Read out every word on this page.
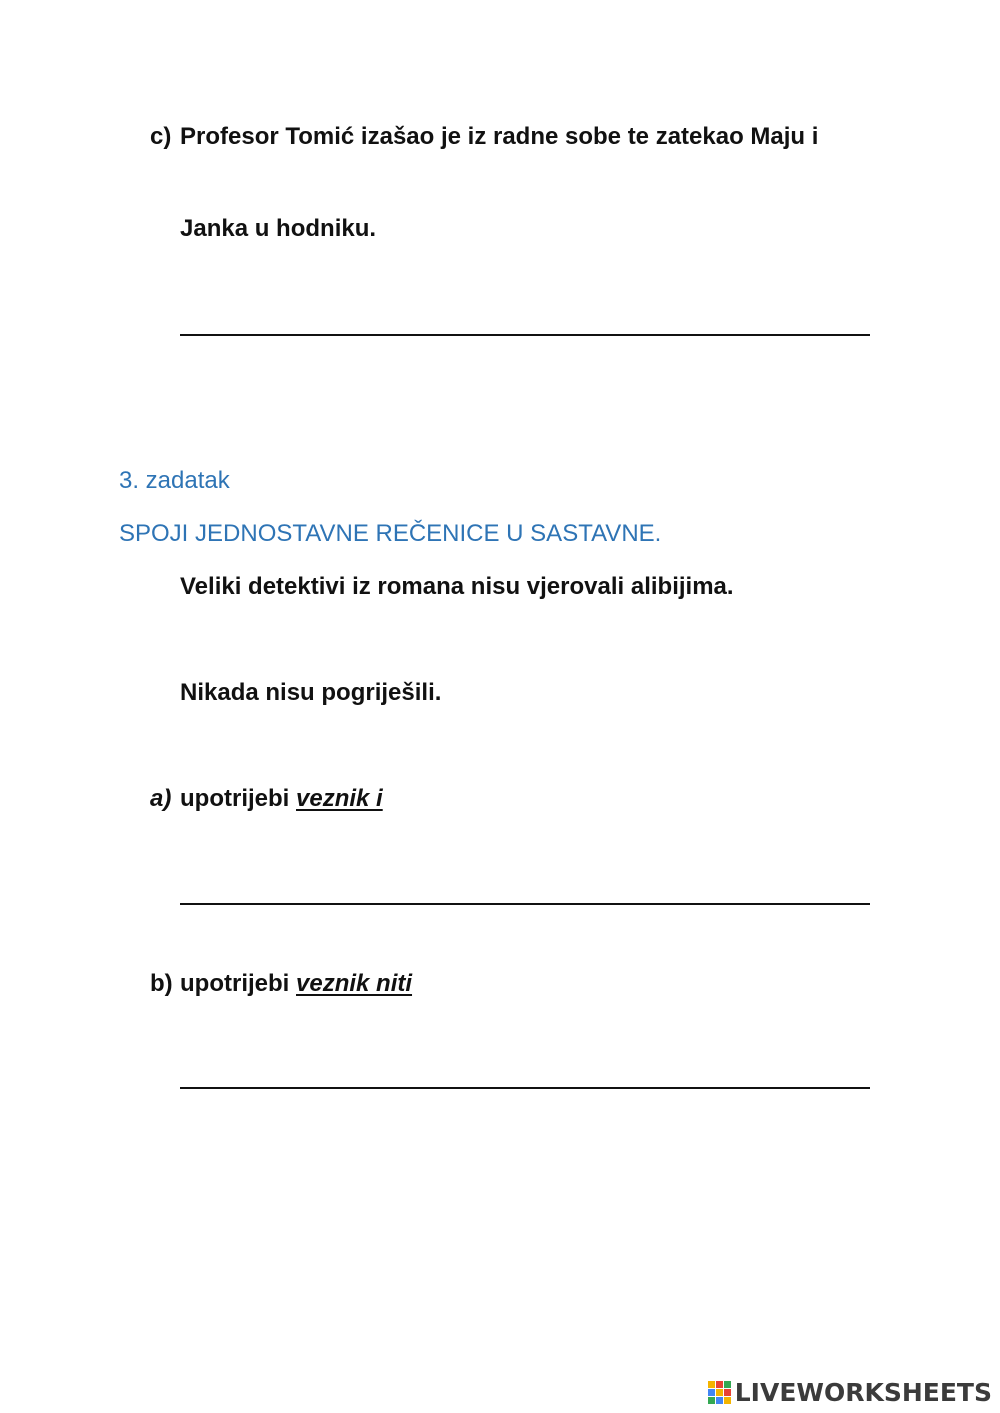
c) Profesor Tomić izašao je iz radne sobe te zatekao Maju i
Janka u hodniku.
3. zadatak
SPOJI JEDNOSTAVNE REČENICE U SASTAVNE.
Veliki detektivi iz romana nisu vjerovali alibijima.
Nikada nisu pogriješili.
a) upotrijebi veznik i
b) upotrijebi veznik niti
LIVEWORKSHEETS
